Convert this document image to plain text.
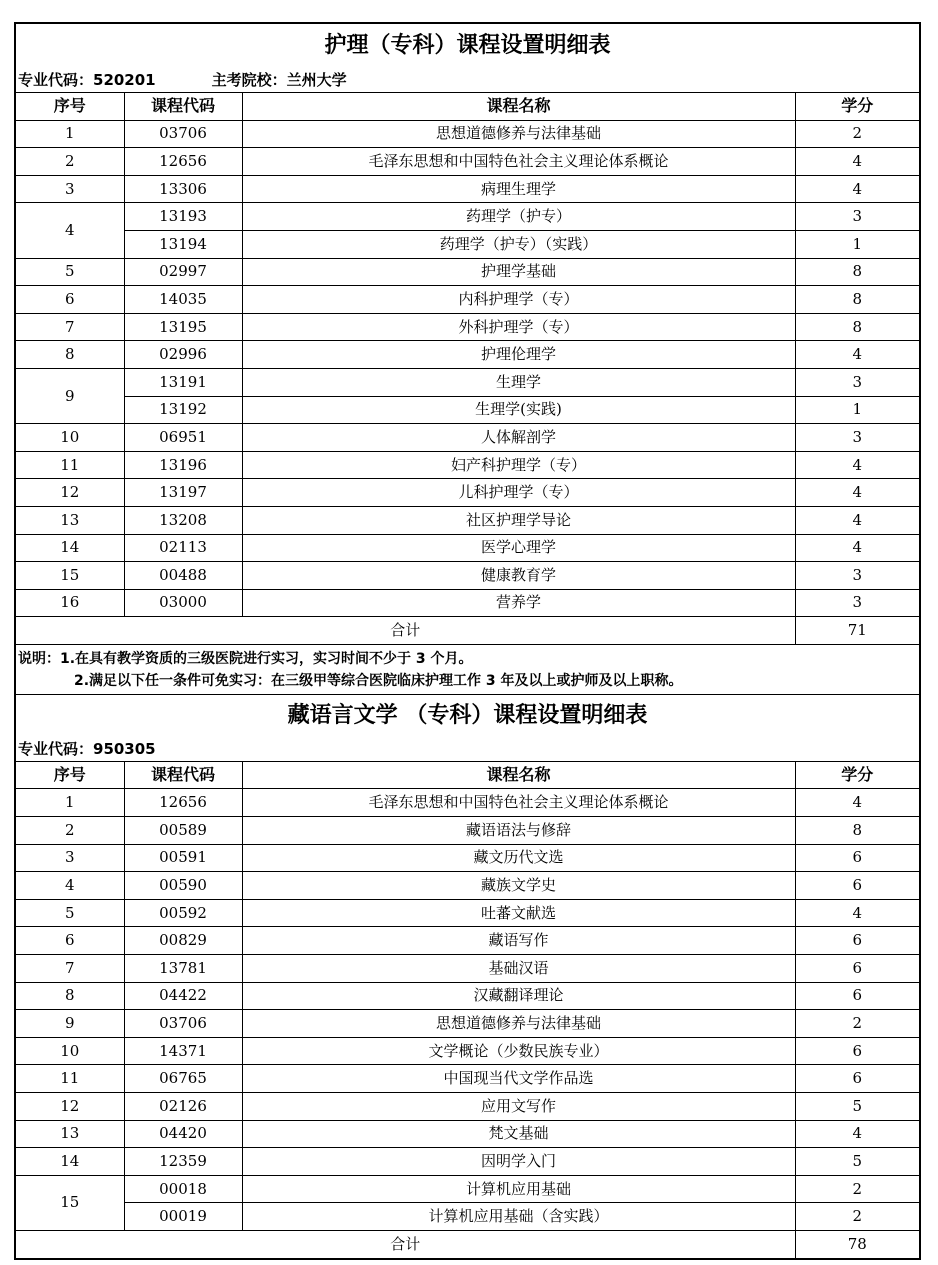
护理（专科）课程设置明细表
专业代码：520201	主考院校：兰州大学
序号	课程代码	课程名称	学分
1	03706	思想道德修养与法律基础	2
2	12656	毛泽东思想和中国特色社会主义理论体系概论	4
3	13306	病理生理学	4
4	13193	药理学（护专）	3
	13194	药理学（护专）（实践）	1
5	02997	护理学基础	8
6	14035	内科护理学（专）	8
7	13195	外科护理学（专）	8
8	02996	护理伦理学	4
9	13191	生理学	3
	13192	生理学(实践)	1
10	06951	人体解剖学	3
11	13196	妇产科护理学（专）	4
12	13197	儿科护理学（专）	4
13	13208	社区护理学导论	4
14	02113	医学心理学	4
15	00488	健康教育学	3
16	03000	营养学	3
合计			71
说明：1.在具有教学资质的三级医院进行实习，实习时间不少于 3 个月。
2.满足以下任一条件可免实习：在三级甲等综合医院临床护理工作 3 年及以上或护师及以上职称。
藏语言文学 （专科）课程设置明细表
专业代码：950305
序号	课程代码	课程名称	学分
1	12656	毛泽东思想和中国特色社会主义理论体系概论	4
2	00589	藏语语法与修辞	8
3	00591	藏文历代文选	6
4	00590	藏族文学史	6
5	00592	吐蕃文献选	4
6	00829	藏语写作	6
7	13781	基础汉语	6
8	04422	汉藏翻译理论	6
9	03706	思想道德修养与法律基础	2
10	14371	文学概论（少数民族专业）	6
11	06765	中国现当代文学作品选	6
12	02126	应用文写作	5
13	04420	梵文基础	4
14	12359	因明学入门	5
15	00018	计算机应用基础	2
	00019	计算机应用基础（含实践）	2
合计			78
